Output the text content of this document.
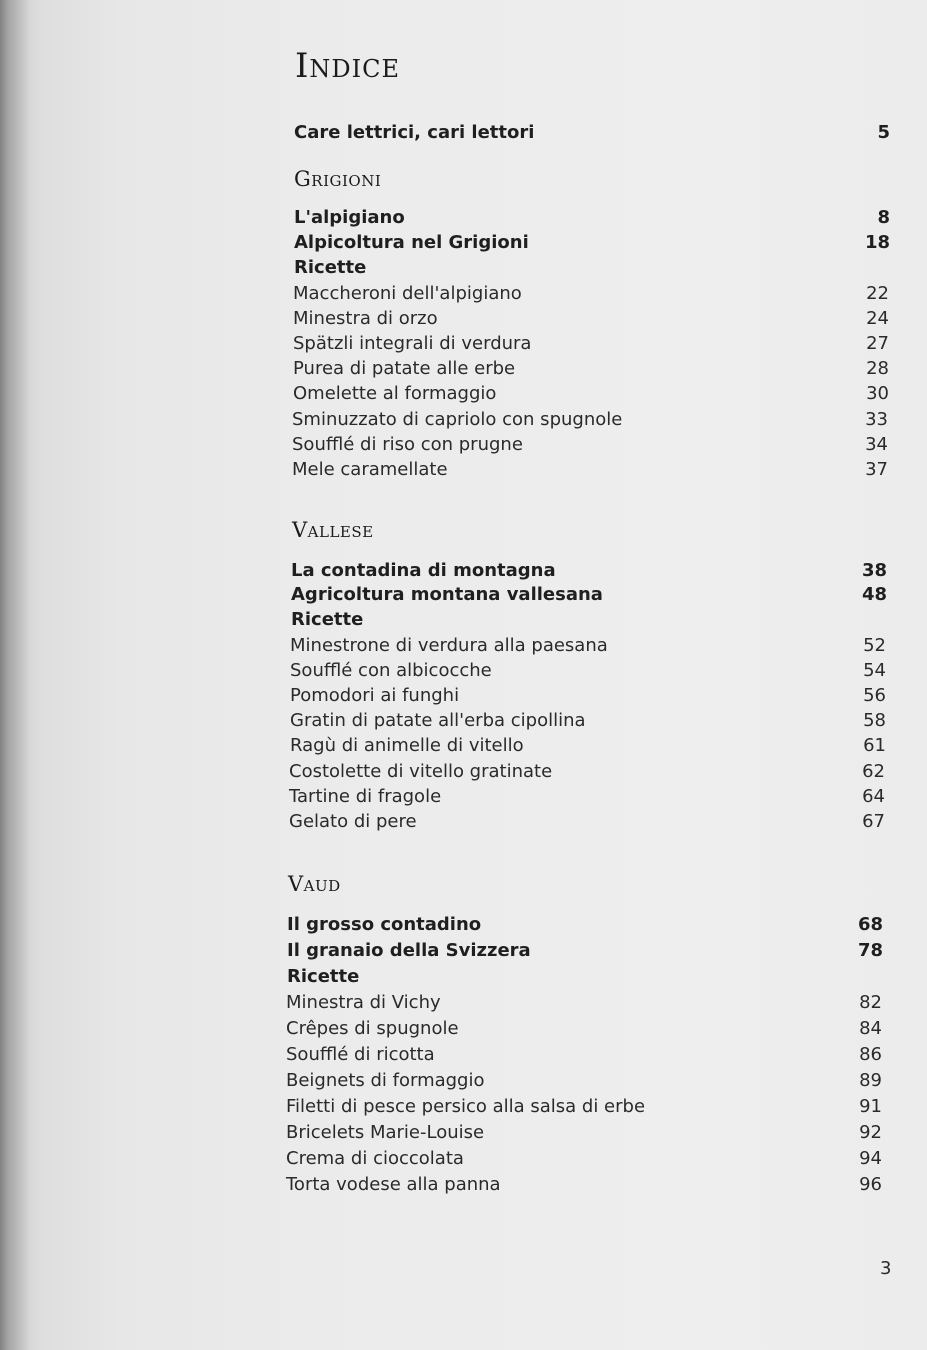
Indice
Care lettrici, cari lettori	5
Grigioni
L'alpigiano	8
Alpicoltura nel Grigioni	18
Ricette
Maccheroni dell'alpigiano	22
Minestra di orzo	24
Spätzli integrali di verdura	27
Purea di patate alle erbe	28
Omelette al formaggio	30
Sminuzzato di capriolo con spugnole	33
Soufflé di riso con prugne	34
Mele caramellate	37
Vallese
La contadina di montagna	38
Agricoltura montana vallesana	48
Ricette
Minestrone di verdura alla paesana	52
Soufflé con albicocche	54
Pomodori ai funghi	56
Gratin di patate all'erba cipollina	58
Ragù di animelle di vitello	61
Costolette di vitello gratinate	62
Tartine di fragole	64
Gelato di pere	67
Vaud
Il grosso contadino	68
Il granaio della Svizzera	78
Ricette
Minestra di Vichy	82
Crêpes di spugnole	84
Soufflé di ricotta	86
Beignets di formaggio	89
Filetti di pesce persico alla salsa di erbe	91
Bricelets Marie-Louise	92
Crema di cioccolata	94
Torta vodese alla panna	96
3
